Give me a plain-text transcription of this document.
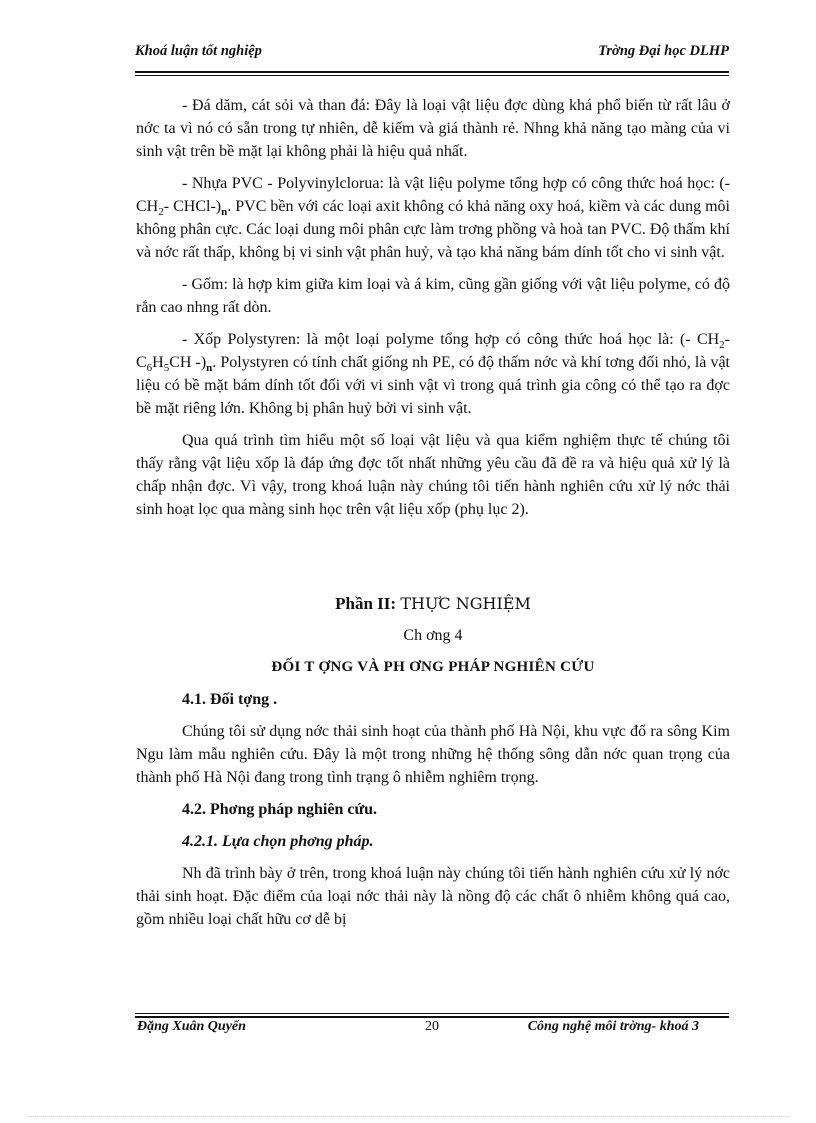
Khoá luận tốt nghiệp	Trờng Đại học DLHP

- Đá dăm, cát sỏi và than đá: Đây là loại vật liệu đợc dùng khá phổ biến từ rất lâu ở nớc ta vì nó có sẵn trong tự nhiên, dễ kiếm và giá thành rẻ. Nhng khả năng tạo màng của vi sinh vật trên bề mặt lại không phải là hiệu quả nhất.

- Nhựa PVC - Polyvinylclorua: là vật liệu polyme tổng hợp có công thức hoá học: ($-CH_2-$ CHCl-)$_n$. PVC bền với các loại axit không có khả năng oxy hoá, kiềm và các dung môi không phân cực. Các loại dung môi phân cực làm trơng phồng và hoà tan PVC. Độ thấm khí và nớc rất thấp, không bị vi sinh vật phân huỷ, và tạo khả năng bám dính tốt cho vi sinh vật.

- Gốm: là hợp kim giữa kim loại và á kim, cũng gần giống với vật liệu polyme, có độ rắn cao nhng rất dòn.

- Xốp Polystyren: là một loại polyme tổng hợp có công thức hoá học là: (- $CH_2-$ $C_6H_5CH$ $-)_n$. Polystyren có tính chất giống nh PE, có độ thấm nớc và khí tơng đối nhỏ, là vật liệu có bề mặt bám dính tốt đối với vi sinh vật vì trong quá trình gia công có thể tạo ra đợc bề mặt riêng lớn. Không bị phân huỷ bởi vi sinh vật.

Qua quá trình tìm hiểu một số loại vật liệu và qua kiểm nghiệm thực tế chúng tôi thấy rằng vật liệu xốp là đáp ứng đợc tốt nhất những yêu cầu đã đề ra và hiệu quả xử lý là chấp nhận đợc. Vì vậy, trong khoá luận này chúng tôi tiến hành nghiên cứu xử lý nớc thải sinh hoạt lọc qua màng sinh học trên vật liệu xốp (phụ lục 2).

Phần II: THỰC NGHIỆM

Ch ơng 4

ĐỐI T ỢNG VÀ PH ƠNG PHÁP NGHIÊN CỨU

4.1. Đối tợng .

Chúng tôi sử dụng nớc thải sinh hoạt của thành phố Hà Nội, khu vực đổ ra sông Kim Ngu làm mẫu nghiên cứu. Đây là một trong những hệ thống sông dẫn nớc quan trọng của thành phố Hà Nội đang trong tình trạng ô nhiễm nghiêm trọng.

4.2. Phơng pháp nghiên cứu.

4.2.1. Lựa chọn phơng pháp.

Nh đã trình bày ở trên, trong khoá luận này chúng tôi tiến hành nghiên cứu xử lý nớc thải sinh hoạt. Đặc điểm của loại nớc thải này là nồng độ các chất ô nhiễm không quá cao, gồm nhiều loại chất hữu cơ dễ bị

Đặng Xuân Quyến	20	Công nghệ môi trờng- khoá 3
